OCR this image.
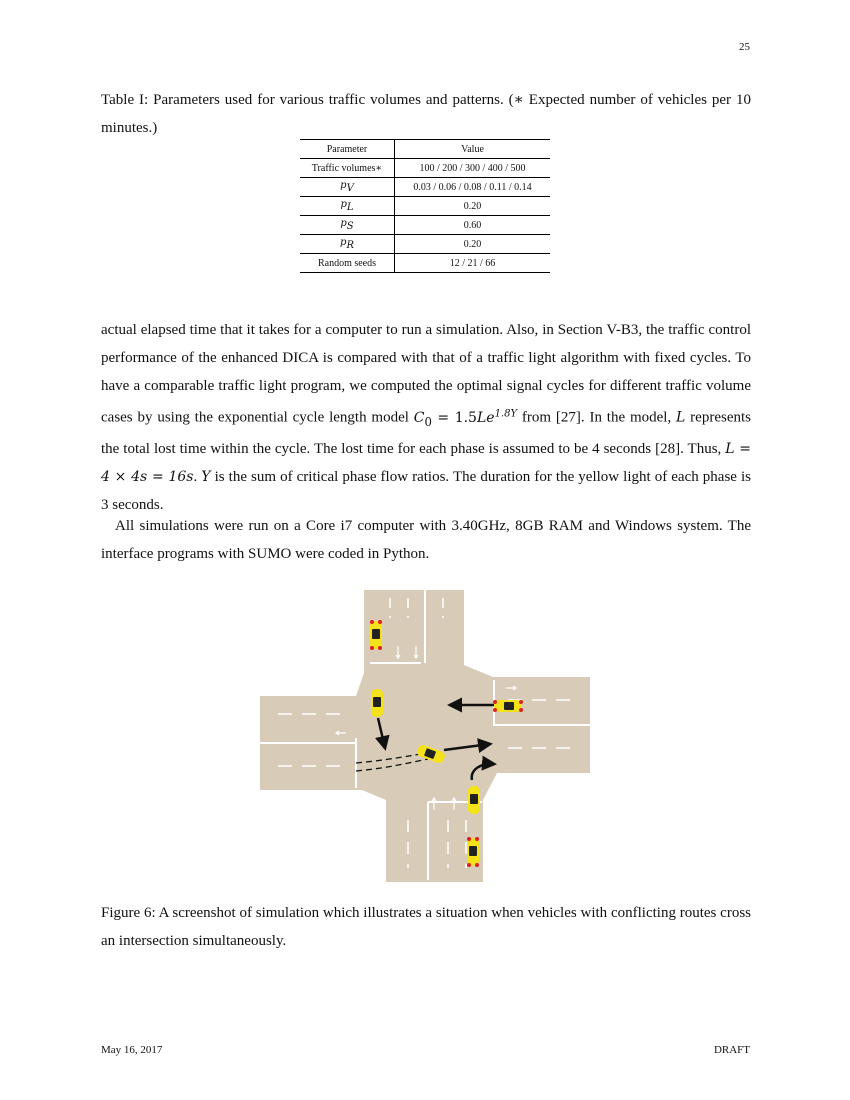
25
Table I: Parameters used for various traffic volumes and patterns. (∗ Expected number of vehicles per 10 minutes.)
Parameter	Value
Traffic volumes∗	100 / 200 / 300 / 400 / 500
$p_V$	0.03 / 0.06 / 0.08 / 0.11 / 0.14
$p_L$	0.20
$p_S$	0.60
$p_R$	0.20
Random seeds	12 / 21 / 66

actual elapsed time that it takes for a computer to run a simulation. Also, in Section V-B3, the traffic control performance of the enhanced DICA is compared with that of a traffic light algorithm with fixed cycles. To have a comparable traffic light program, we computed the optimal signal cycles for different traffic volume cases by using the exponential cycle length model $C_0 = 1.5Le^{1.8Y}$ from [27]. In the model, L represents the total lost time within the cycle. The lost time for each phase is assumed to be 4 seconds [28]. Thus, L = 4 × 4s = 16s. Y is the sum of critical phase flow ratios. The duration for the yellow light of each phase is 3 seconds.

All simulations were run on a Core i7 computer with 3.40GHz, 8GB RAM and Windows system. The interface programs with SUMO were coded in Python.

Figure 6: A screenshot of simulation which illustrates a situation when vehicles with conflicting routes cross an intersection simultaneously.
May 16, 2017	DRAFT
